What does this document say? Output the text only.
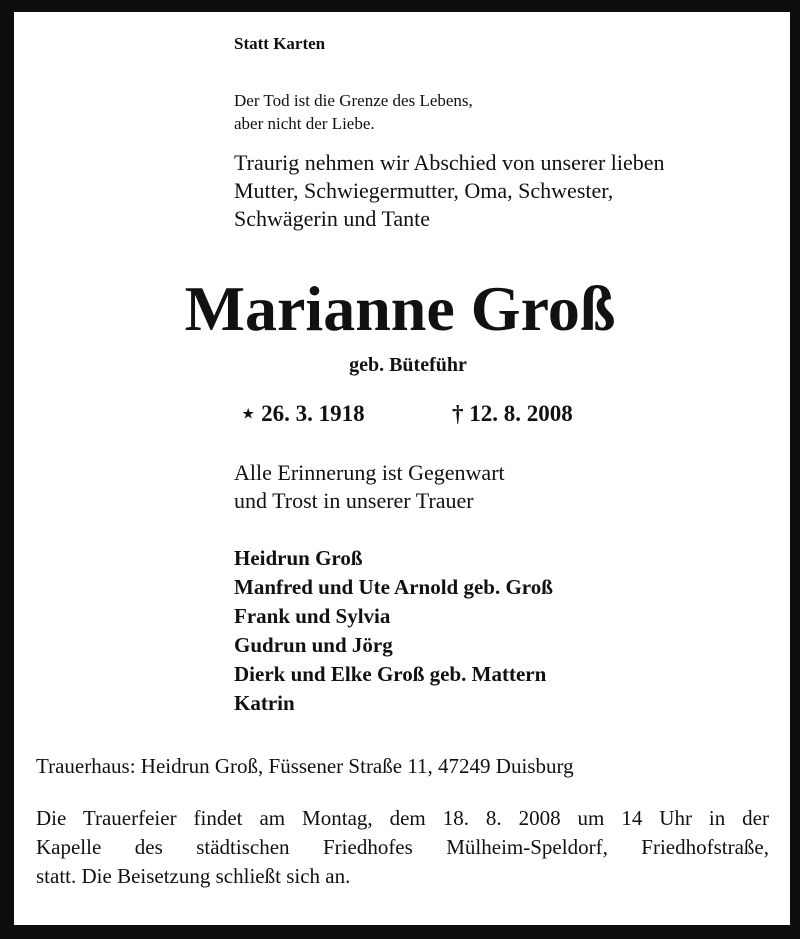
Statt Karten
Der Tod ist die Grenze des Lebens,
aber nicht der Liebe.
Traurig nehmen wir Abschied von unserer lieben
Mutter, Schwiegermutter, Oma, Schwester,
Schwägerin und Tante
Marianne Groß
geb. Büteführ
⋆ 26. 3. 1918	† 12. 8. 2008
Alle Erinnerung ist Gegenwart
und Trost in unserer Trauer
Heidrun Groß
Manfred und Ute Arnold geb. Groß
Frank und Sylvia
Gudrun und Jörg
Dierk und Elke Groß geb. Mattern
Katrin
Trauerhaus: Heidrun Groß, Füssener Straße 11, 47249 Duisburg
Die Trauerfeier findet am Montag, dem 18. 8. 2008 um 14 Uhr in der
Kapelle des städtischen Friedhofes Mülheim-Speldorf, Friedhofstraße,
statt. Die Beisetzung schließt sich an.
